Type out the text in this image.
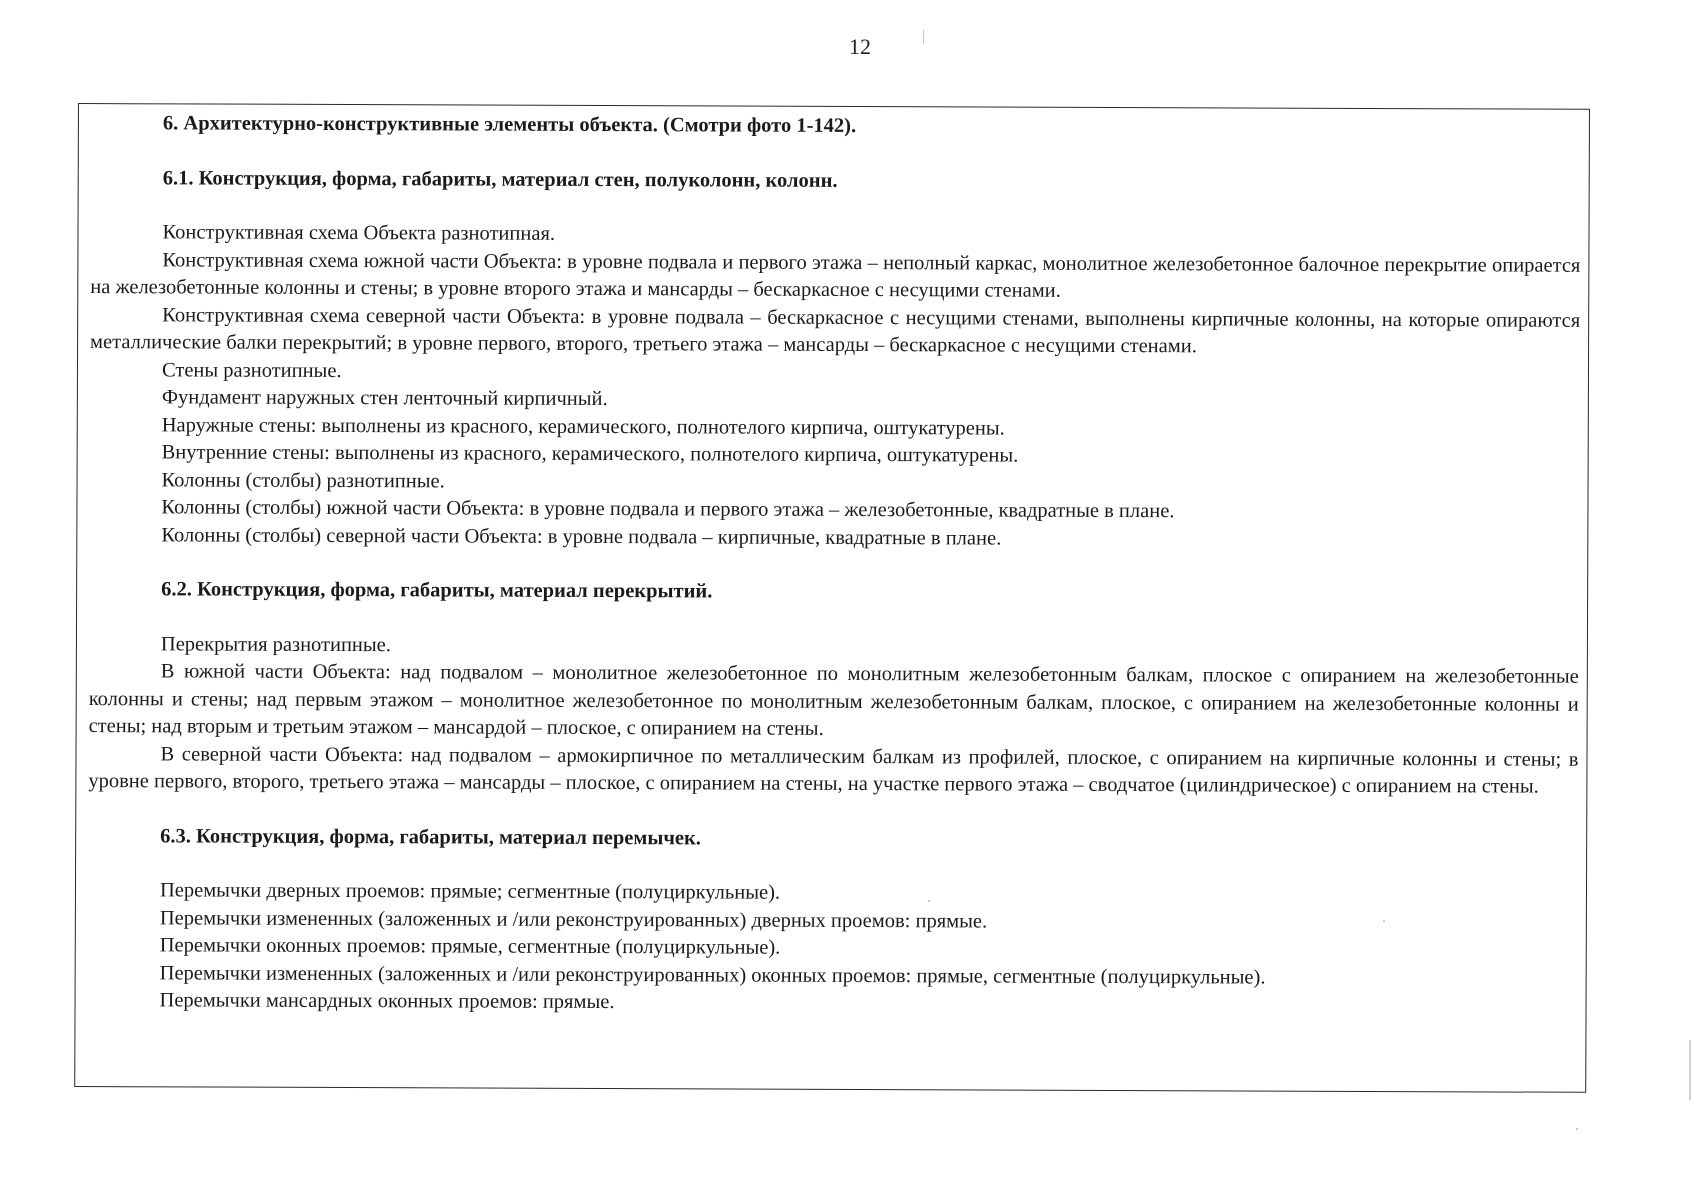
12

6. Архитектурно-конструктивные элементы объекта. (Смотри фото 1-142).

6.1. Конструкция, форма, габариты, материал стен, полуколонн, колонн.

Конструктивная схема Объекта разнотипная.

Конструктивная схема южной части Объекта: в уровне подвала и первого этажа – неполный каркас, монолитное железобетонное балочное перекрытие опирается на железобетонные колонны и стены; в уровне второго этажа и мансарды – бескаркасное с несущими стенами.

Конструктивная схема северной части Объекта: в уровне подвала – бескаркасное с несущими стенами, выполнены кирпичные колонны, на которые опираются металлические балки перекрытий; в уровне первого, второго, третьего этажа – мансарды – бескаркасное с несущими стенами.

Стены разнотипные.

Фундамент наружных стен ленточный кирпичный.

Наружные стены: выполнены из красного, керамического, полнотелого кирпича, оштукатурены.

Внутренние стены: выполнены из красного, керамического, полнотелого кирпича, оштукатурены.

Колонны (столбы) разнотипные.

Колонны (столбы) южной части Объекта: в уровне подвала и первого этажа – железобетонные, квадратные в плане.

Колонны (столбы) северной части Объекта: в уровне подвала – кирпичные, квадратные в плане.

6.2. Конструкция, форма, габариты, материал перекрытий.

Перекрытия разнотипные.

В южной части Объекта: над подвалом – монолитное железобетонное по монолитным железобетонным балкам, плоское с опиранием на железобетонные колонны и стены; над первым этажом – монолитное железобетонное по монолитным железобетонным балкам, плоское, с опиранием на железобетонные колонны и стены; над вторым и третьим этажом – мансардой – плоское, с опиранием на стены.

В северной части Объекта: над подвалом – армокирпичное по металлическим балкам из профилей, плоское, с опиранием на кирпичные колонны и стены; в уровне первого, второго, третьего этажа – мансарды – плоское, с опиранием на стены, на участке первого этажа – сводчатое (цилиндрическое) с опиранием на стены.

6.3. Конструкция, форма, габариты, материал перемычек.

Перемычки дверных проемов: прямые; сегментные (полуциркульные).

Перемычки измененных (заложенных и /или реконструированных) дверных проемов: прямые.

Перемычки оконных проемов: прямые, сегментные (полуциркульные).

Перемычки измененных (заложенных и /или реконструированных) оконных проемов: прямые, сегментные (полуциркульные).

Перемычки мансардных оконных проемов: прямые.
